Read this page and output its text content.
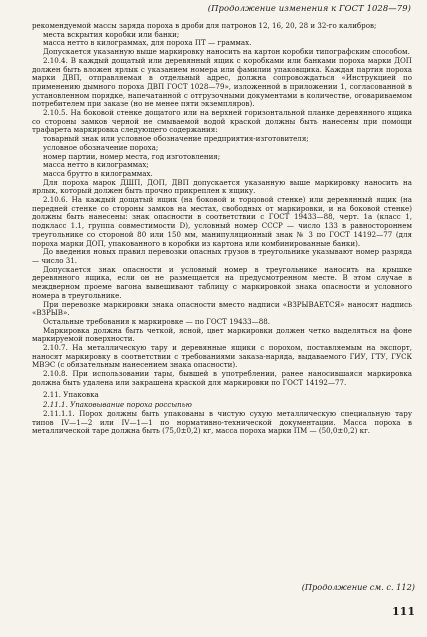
(Продолжение изменения к ГОСТ 1028—79)

рекомендуемой массы заряда пороха в дроби для патронов 12, 16, 20, 28 и 32-го калибров;

места вскрытия коробки или банки;

масса нетто в килограммах, для пороха ПТ — граммах.

Допускается указанную выше маркировку наносить на картон коробки типографским способом.

2.10.4. В каждый дощатый или деревянный ящик с коробками или банками пороха марки ДОП должен быть вложен ярлык с указанием номера или фамилии упаковщика. Каждая партия пороха марки ДВП, отправляемая в отдельный адрес, должна сопровождаться «Инструкцией по применению дымного пороха ДВП ГОСТ 1028—79», изложенной в приложении 1, согласованной в установленном порядке, напечатанной с отгрузочными документами в количестве, оговариваемом потребителем при заказе (но не менее пяти экземпляров).

2.10.5. На боковой стенке дощатого или на верхней горизонтальной планке деревянного ящика со стороны замков черной не смываемой водой краской должны быть нанесены при помощи трафарета маркировка следующего содержания:

товарный знак или условное обозначение предприятия-изготовителя;

условное обозначение пороха;

номер партии, номер места, год изготовления;

масса нетто в килограммах;

масса брутто в килограммах.

Для пороха марок ДШП, ДОП, ДВП допускается указанную выше маркировку наносить на ярлык, который должен быть прочно прикреплен к ящику.

2.10.6. На каждый дощатый ящик (на боковой и торцовой стенке) или деревянный ящик (на передней стенке со стороны замков на местах, свободных от маркировки, и на боковой стенке) должны быть нанесены: знак опасности в соответствии с ГОСТ 19433—88, черт. 1а (класс 1, подкласс 1.1, группа совместимости D), условный номер СССР — число 133 в равностороннем треугольнике со стороной 80 или 150 мм, манипуляционный знак № 3 по ГОСТ 14192—77 (для пороха марки ДОП, упакованного в коробки из картона или комбинированные банки).

До введения новых правил перевозки опасных грузов в треугольнике указывают номер разряда — число 31.

Допускается знак опасности и условный номер в треугольнике наносить на крышке деревянного ящика, если он не размещается на предусмотренном месте. В этом случае в междверном проеме вагона вывешивают таблицу с маркировкой знака опасности и условного номера в треугольнике.

При перевозке маркировки знака опасности вместо надписи «ВЗРЫВАЕТСЯ» наносят надпись «ВЗРЫВ».

Остальные требования к маркировке — по ГОСТ 19433—88.

Маркировка должна быть четкой, ясной, цвет маркировки должен четко выделяться на фоне маркируемой поверхности.

2.10.7. На металлическую тару и деревянные ящики с порохом, поставляемым на экспорт, наносят маркировку в соответствии с требованиями заказа-наряда, выдаваемого ГИУ, ГТУ, ГУСК МВЭС (с обязательным нанесением знака опасности).

2.10.8. При использовании тары, бывшей в употреблении, ранее наносившаяся маркировка должна быть удалена или закрашена краской для маркировки по ГОСТ 14192—77.

2.11. Упаковка

2.11.1. Упаковывание пороха россыпью

2.11.1.1. Порох должны быть упакованы в чистую сухую металлическую специальную тару типов IV—1—2 или IV—1—1 по нормативно-технической документации. Масса пороха в металлической таре должна быть (75,0±0,2) кг, масса пороха марки ПМ — (50,0±0,2) кг.

(Продолжение см. с. 112)
111
